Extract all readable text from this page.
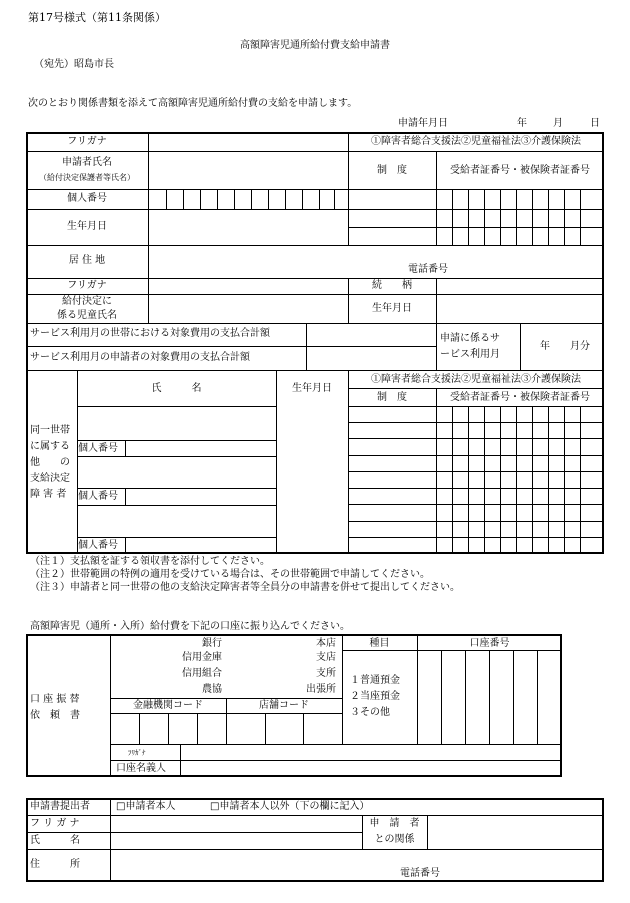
第17号様式（第11条関係）
高額障害児通所給付費支給申請書
（宛先）昭島市長
次のとおり関係書類を添えて高額障害児通所給付費の支給を申請します。
申請年月日	年	月	日
フリガナ	①障害者総合支援法②児童福祉法③介護保険法
申請者氏名
（給付決定保護者等氏名）
制　度	受給者証番号・被保険者証番号
個人番号
生年月日
居 住 地
電話番号
フリガナ	続　　柄
給付決定に
係る児童氏名
生年月日
サービス利用月の世帯における対象費用の支払合計額
サービス利用月の申請者の対象費用の支払合計額
申請に係るサ
ービス利用月
年　　月分
同一世帯
に属する
他　　の
支給決定
障 害 者
氏　　　名	生年月日
①障害者総合支援法②児童福祉法③介護保険法
制　度	受給者証番号・被保険者証番号
個人番号
個人番号
個人番号
（注１）支払額を証する領収書を添付してください。
（注２）世帯範囲の特例の適用を受けている場合は、その世帯範囲で申請してください。
（注３）申請者と同一世帯の他の支給決定障害者等全員分の申請書を併せて提出してください。
高額障害児（通所・入所）給付費を下記の口座に振り込んでください。
口 座 振 替
依　頼　書
銀行
信用金庫
信用組合
農協
本店
支店
支所
出張所
金融機関コード	店舗コード
種目	口座番号
１普通預金
２当座預金
３その他
ﾌﾘｶﾞﾅ
口座名義人
申請書提出者	□申請者本人	□申請者本人以外（下の欄に記入）
フ リ ガ ナ
氏　　　名
申　請　者
との関係
住　　　所
電話番号
